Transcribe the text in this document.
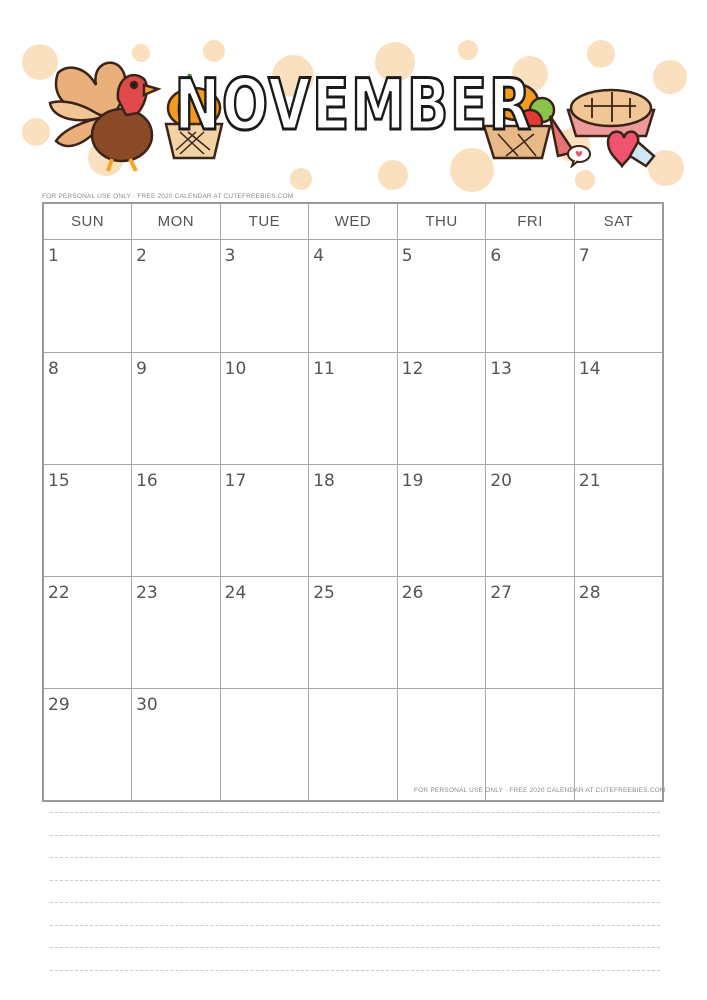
NOVEMBER
FOR PERSONAL USE ONLY · FREE 2020 CALENDAR AT CUTEFREEBIES.COM
SUN	MON	TUE	WED	THU	FRI	SAT

1	2	3	4	5	6	7

8	9	10	11	12	13	14

15	16	17	18	19	20	21

22	23	24	25	26	27	28

29	30					

FOR PERSONAL USE ONLY · FREE 2020 CALENDAR AT CUTEFREEBIES.COM
